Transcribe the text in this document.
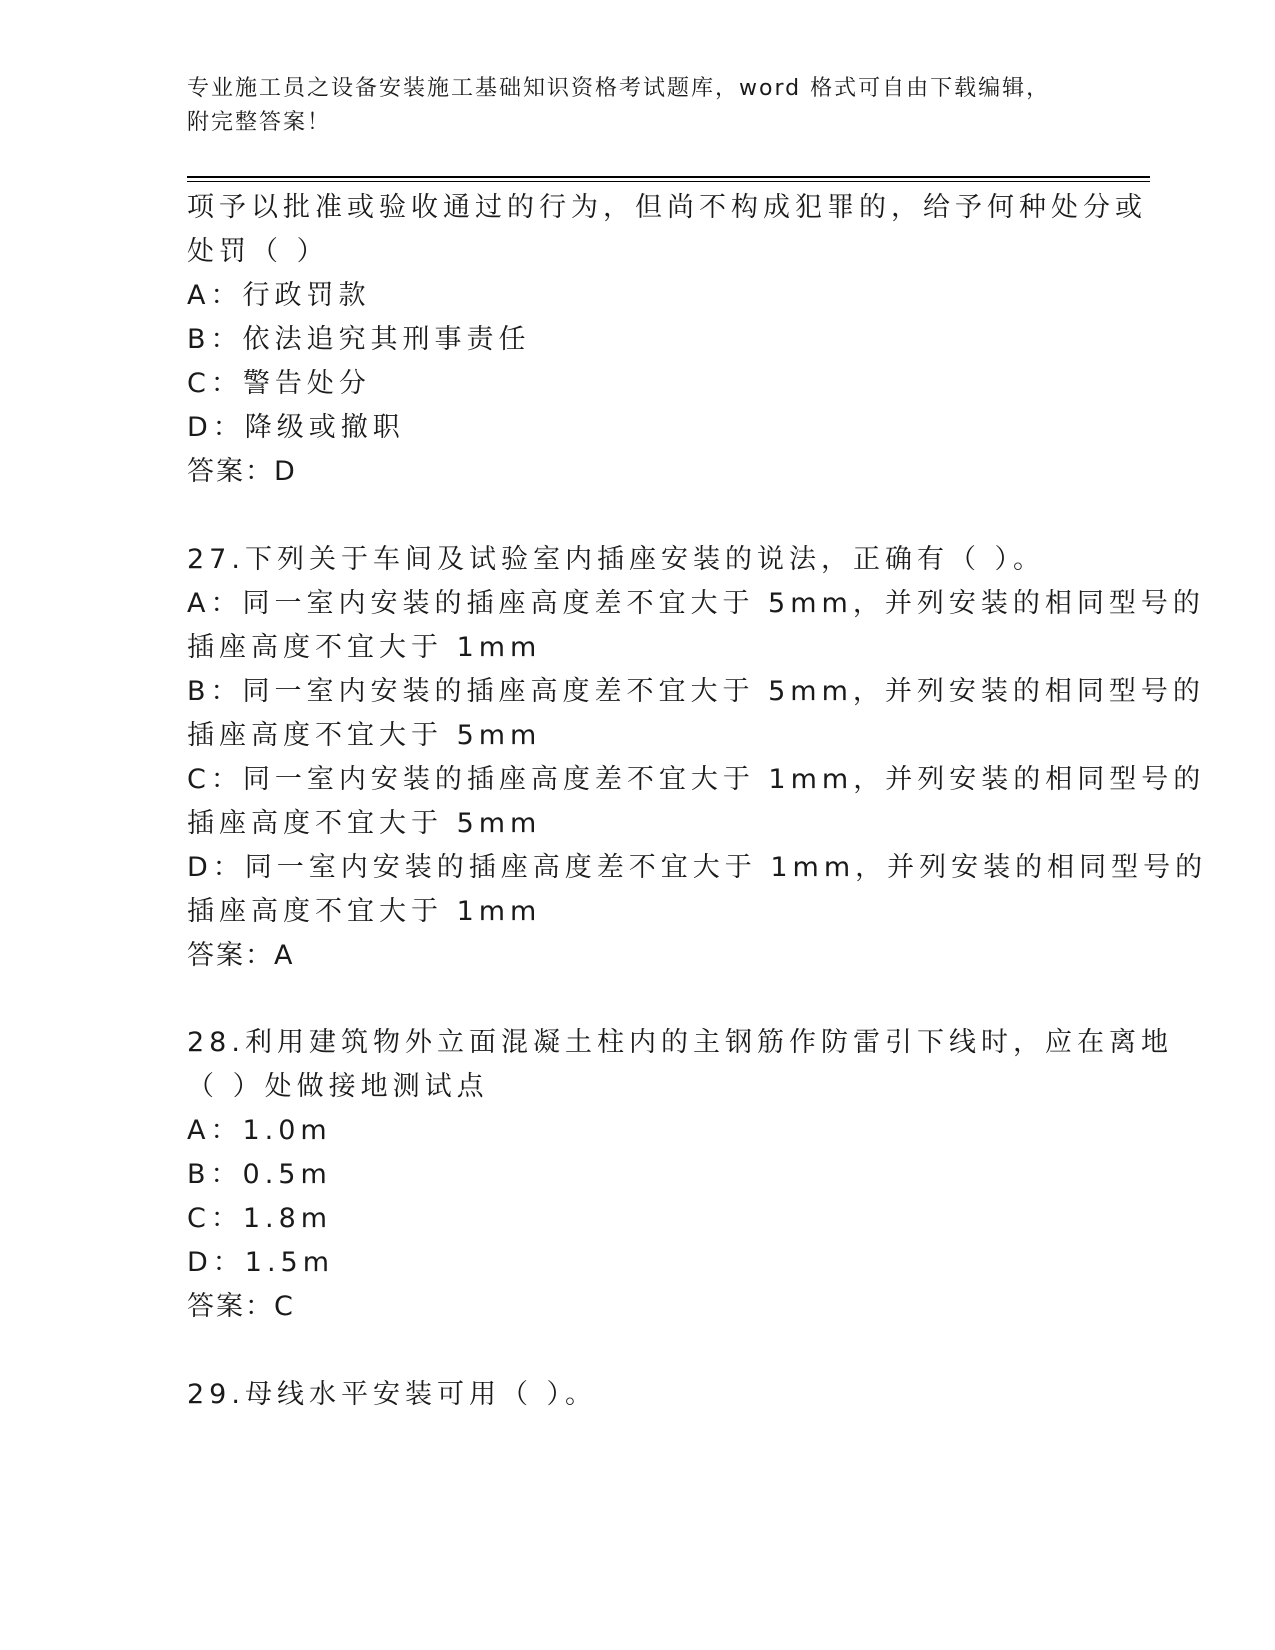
专业施工员之设备安装施工基础知识资格考试题库，word 格式可自由下载编辑，
附完整答案！
项予以批准或验收通过的行为，但尚不构成犯罪的，给予何种处分或
处罚（ ）
A：行政罚款
B：依法追究其刑事责任
C：警告处分
D：降级或撤职
答案：D
27.下列关于车间及试验室内插座安装的说法，正确有（ ）。
A：同一室内安装的插座高度差不宜大于 5mm，并列安装的相同型号的
插座高度不宜大于 1mm
B：同一室内安装的插座高度差不宜大于 5mm，并列安装的相同型号的
插座高度不宜大于 5mm
C：同一室内安装的插座高度差不宜大于 1mm，并列安装的相同型号的
插座高度不宜大于 5mm
D：同一室内安装的插座高度差不宜大于 1mm，并列安装的相同型号的
插座高度不宜大于 1mm
答案：A
28.利用建筑物外立面混凝土柱内的主钢筋作防雷引下线时，应在离地
（ ）处做接地测试点
A：1.0m
B：0.5m
C：1.8m
D：1.5m
答案：C
29.母线水平安装可用（ ）。
